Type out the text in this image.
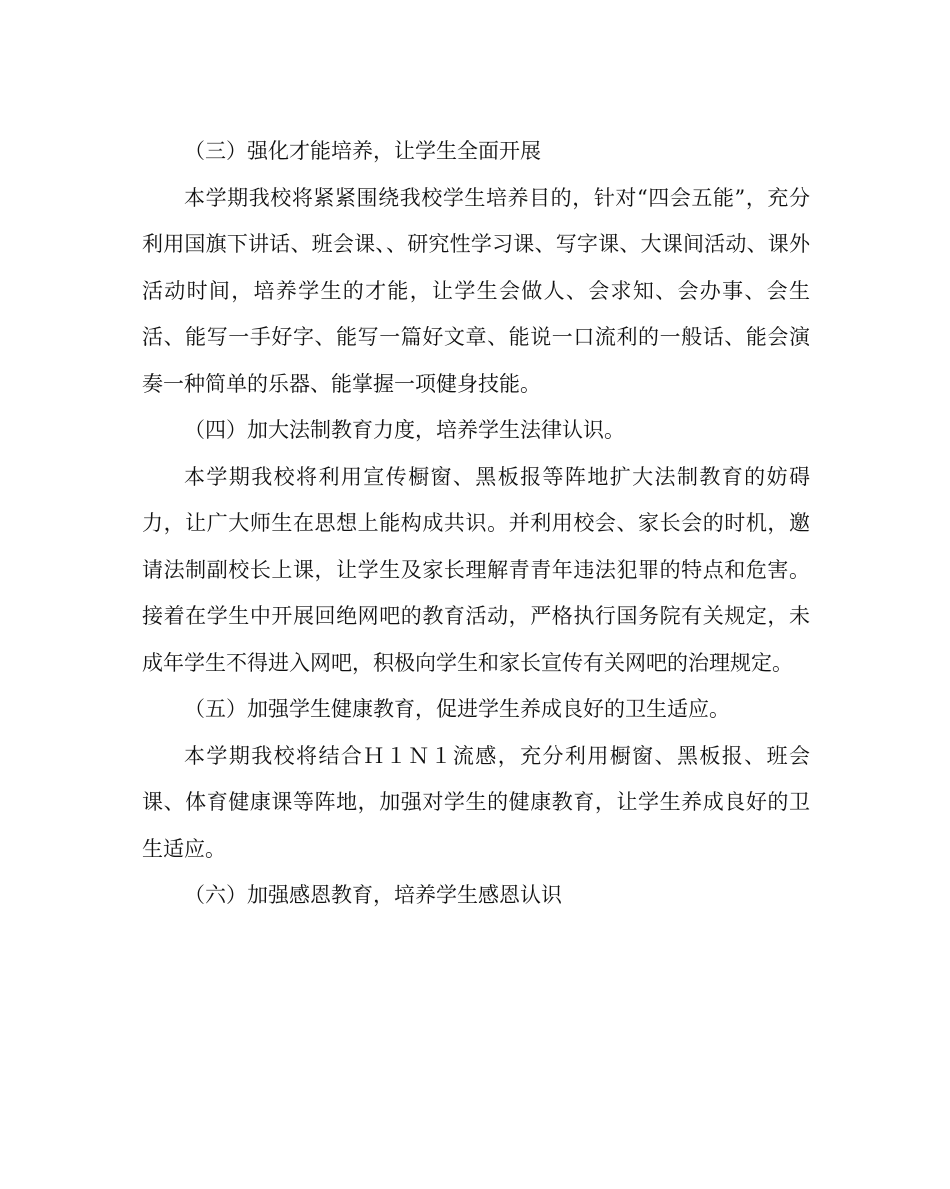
（三）强化才能培养，让学生全面开展

本学期我校将紧紧围绕我校学生培养目的，针对“四会五能”，充分利用国旗下讲话、班会课、、研究性学习课、写字课、大课间活动、课外活动时间，培养学生的才能，让学生会做人、会求知、会办事、会生活、能写一手好字、能写一篇好文章、能说一口流利的一般话、能会演奏一种简单的乐器、能掌握一项健身技能。

（四）加大法制教育力度，培养学生法律认识。

本学期我校将利用宣传橱窗、黑板报等阵地扩大法制教育的妨碍力，让广大师生在思想上能构成共识。并利用校会、家长会的时机，邀请法制副校长上课，让学生及家长理解青青年违法犯罪的特点和危害。接着在学生中开展回绝网吧的教育活动，严格执行国务院有关规定，未成年学生不得进入网吧，积极向学生和家长宣传有关网吧的治理规定。

（五）加强学生健康教育，促进学生养成良好的卫生适应。

本学期我校将结合Ｈ１Ｎ１流感，充分利用橱窗、黑板报、班会课、体育健康课等阵地，加强对学生的健康教育，让学生养成良好的卫生适应。

（六）加强感恩教育，培养学生感恩认识
